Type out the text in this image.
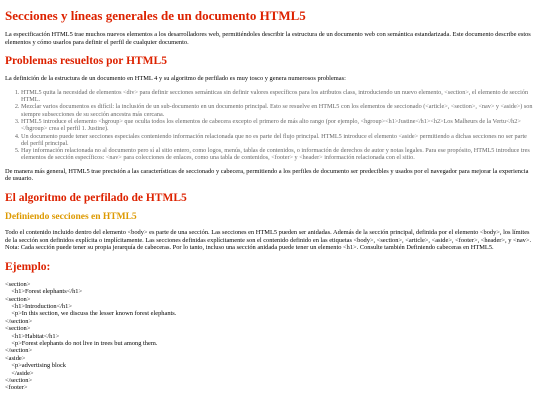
Secciones y líneas generales de un documento HTML5

La especificación HTML5 trae muchos nuevos elementos a los desarrolladores web, permitiéndoles describir la estructura de un documento web con semántica estandarizada. Este documento describe estos elementos y cómo usarlos para definir el perfil de cualquier documento.

Problemas resueltos por HTML5

La definición de la estructura de un documento en HTML 4 y su algoritmo de perfilado es muy tosco y genera numerosos problemas:

1. HTML5 quita la necesidad de elementos <div> para definir secciones semánticas sin definir valores específicos para los atributos class, introduciendo un nuevo elemento, <section>, el elemento de sección HTML.
2. Mezclar varios documentos es difícil: la inclusión de un sub-documento en un documento principal. Esto se resuelve en HTML5 con los elementos de seccionado (<article>, <section>, <nav> y <aside>) son siempre subsecciones de su sección ancestra más cercana.
3. HTML5 introduce el elemento <hgroup> que oculta todos los elementos de cabecera excepto el primero de más alto rango (por ejemplo, <hgroup><h1>Justine</h1><h2>Los Malheurs de la Vertu</h2></hgroup> crea el perfil 1. Justine).
4. Un documento puede tener secciones especiales conteniendo información relacionada que no es parte del flujo principal. HTML5 introduce el elemento <aside> permitiendo a dichas secciones no ser parte del perfil principal.
5. Hay información relacionada no al documento pero sí al sitio entero, como logos, menús, tablas de contenidos, o información de derechos de autor y notas legales. Para ese propósito, HTML5 introduce tres elementos de sección específicos: <nav> para colecciones de enlaces, como una tabla de contenidos, <footer> y <header> información relacionada con el sitio.

De manera más general, HTML5 trae precisión a las características de seccionado y cabecera, permitiendo a los perfiles de documento ser predecibles y usados por el navegador para mejorar la experiencia de usuario.

El algoritmo de perfilado de HTML5
Definiendo secciones en HTML5

Todo el contenido incluido dentro del elemento <body> es parte de una sección. Las secciones en HTML5 pueden ser anidadas. Además de la sección principal, definida por el elemento <body>, los límites de la sección son definidos explícita o implícitamente. Las secciones definidas explícitamente son el contenido definido en las etiquetas <body>, <section>, <article>, <aside>, <footer>, <header>, y <nav>. Nota: Cada sección puede tener su propia jerarquía de cabeceras. Por lo tanto, incluso una sección anidada puede tener un elemento <h1>. Consulte también Definiendo cabeceras en HTML5.

Ejemplo:
<section>
<h1>Forest elephants</h1>
<section>
<h1>Introduction</h1>
<p>In this section, we discuss the lesser known forest elephants.
</section>
<section>
<h1>Habitat</h1>
<p>Forest elephants do not live in trees but among them.
</section>
<aside>
<p>advertising block
</aside>
</section>
<footer>
